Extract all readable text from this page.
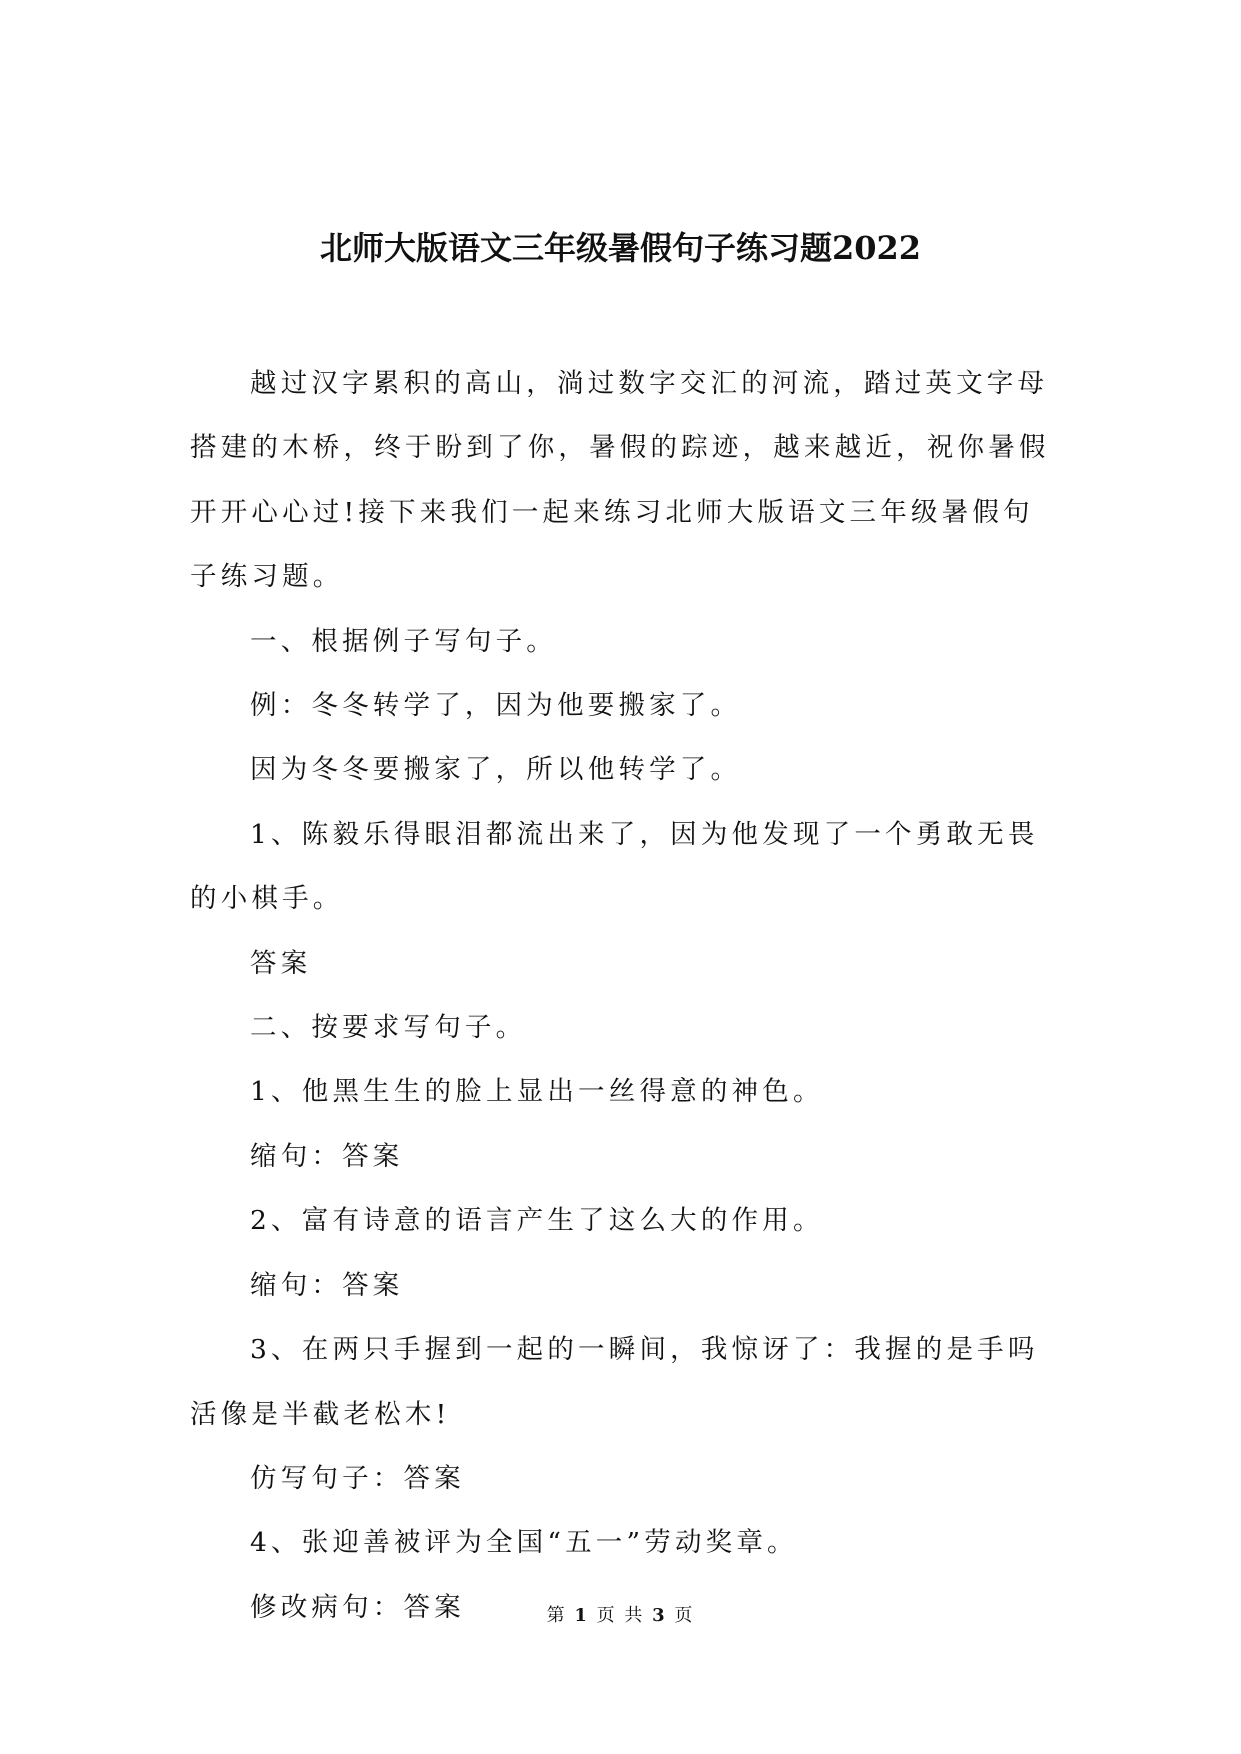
北师大版语文三年级暑假句子练习题2022

越过汉字累积的高山，淌过数字交汇的河流，踏过英文字母搭建的木桥，终于盼到了你，暑假的踪迹，越来越近，祝你暑假开开心心过!接下来我们一起来练习北师大版语文三年级暑假句子练习题。

一、根据例子写句子。

例：冬冬转学了，因为他要搬家了。

因为冬冬要搬家了，所以他转学了。

1、陈毅乐得眼泪都流出来了，因为他发现了一个勇敢无畏的小棋手。

答案

二、按要求写句子。

1、他黑生生的脸上显出一丝得意的神色。

缩句：答案

2、富有诗意的语言产生了这么大的作用。

缩句：答案

3、在两只手握到一起的一瞬间，我惊讶了：我握的是手吗 活像是半截老松木!

仿写句子：答案

4、张迎善被评为全国“五一”劳动奖章。

修改病句：答案	第 1 页 共 3 页
